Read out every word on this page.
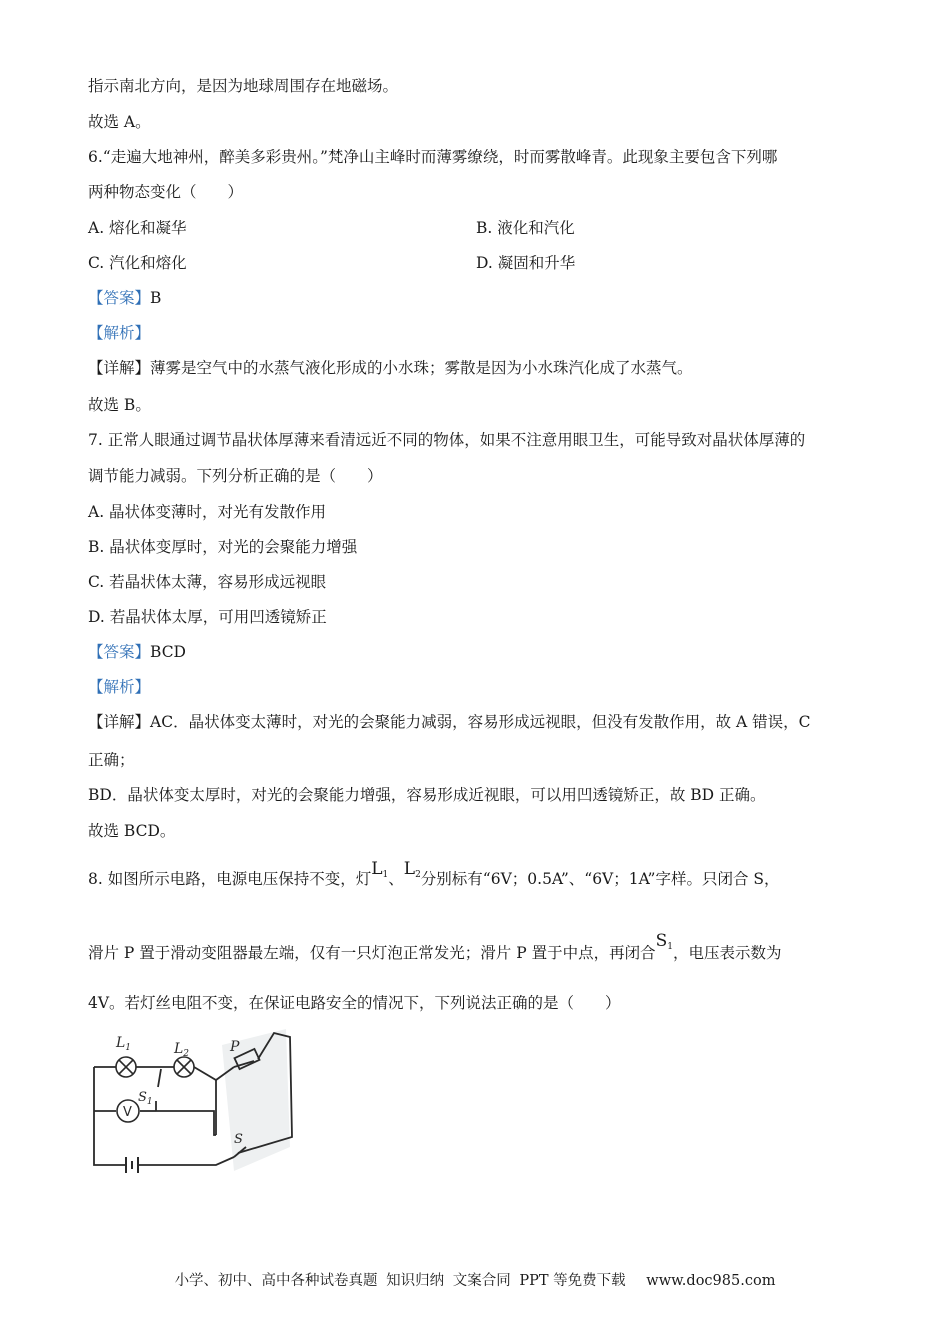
指示南北方向，是因为地球周围存在地磁场。
故选 A。
6.“走遍大地神州，醉美多彩贵州。”梵净山主峰时而薄雾缭绕，时而雾散峰青。此现象主要包含下列哪
两种物态变化（　　）
A. 熔化和凝华	B. 液化和汽化
C. 汽化和熔化	D. 凝固和升华
【答案】B
【解析】
【详解】薄雾是空气中的水蒸气液化形成的小水珠；雾散是因为小水珠汽化成了水蒸气。
故选 B。
7. 正常人眼通过调节晶状体厚薄来看清远近不同的物体，如果不注意用眼卫生，可能导致对晶状体厚薄的
调节能力减弱。下列分析正确的是（　　）
A. 晶状体变薄时，对光有发散作用
B. 晶状体变厚时，对光的会聚能力增强
C. 若晶状体太薄，容易形成远视眼
D. 若晶状体太厚，可用凹透镜矫正
【答案】BCD
【解析】
【详解】AC．晶状体变太薄时，对光的会聚能力减弱，容易形成远视眼，但没有发散作用，故 A 错误，C
正确；
BD．晶状体变太厚时，对光的会聚能力增强，容易形成近视眼，可以用凹透镜矫正，故 BD 正确。
故选 BCD。
8. 如图所示电路，电源电压保持不变，灯$L_1$、$L_2$分别标有“6V；0.5A”、“6V；1A”字样。只闭合 S，
滑片 P 置于滑动变阻器最左端，仅有一只灯泡正常发光；滑片 P 置于中点，再闭合$S_1$，电压表示数为
4V。若灯丝电阻不变，在保证电路安全的情况下，下列说法正确的是（　　）
V
$L_1$	$L_2$	P
$S_1$
S
小学、初中、高中各种试卷真题 知识归纳 文案合同 PPT 等免费下载 www.doc985.com
